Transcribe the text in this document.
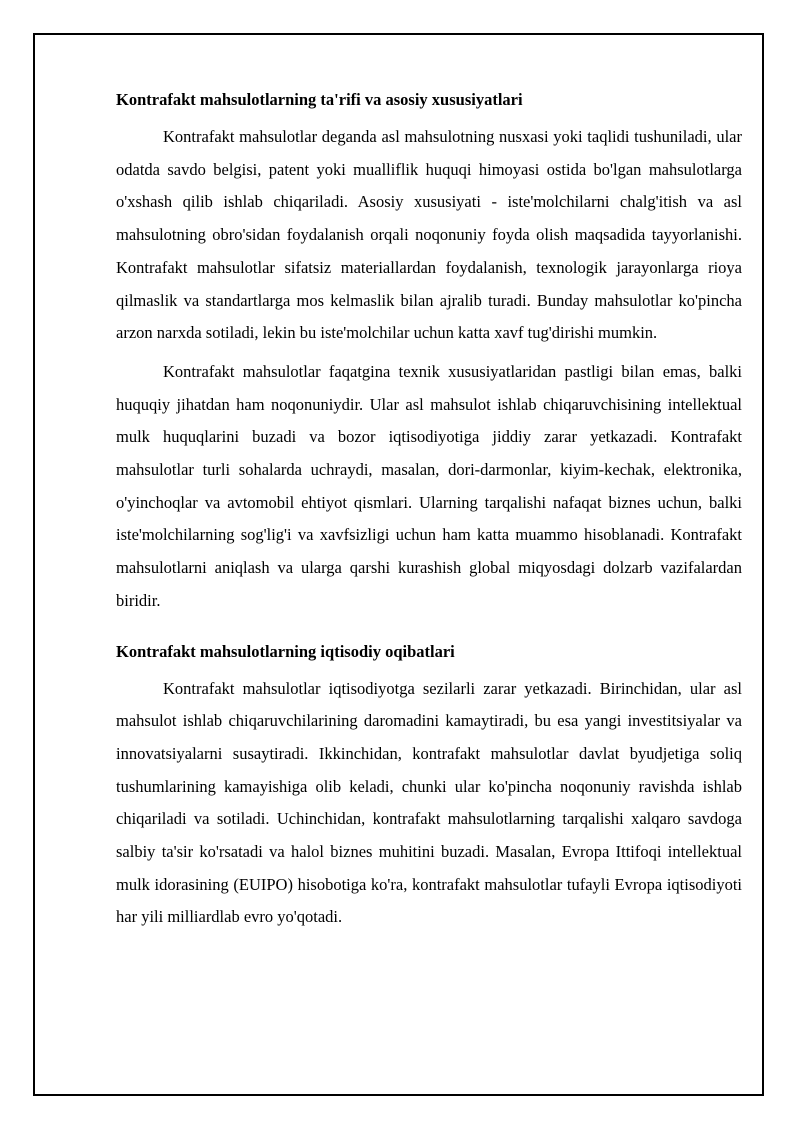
Kontrafakt mahsulotlarning ta'rifi va asosiy xususiyatlari

Kontrafakt mahsulotlar deganda asl mahsulotning nusxasi yoki taqlidi tushuniladi, ular odatda savdo belgisi, patent yoki mualliflik huquqi himoyasi ostida bo'lgan mahsulotlarga o'xshash qilib ishlab chiqariladi. Asosiy xususiyati - iste'molchilarni chalg'itish va asl mahsulotning obro'sidan foydalanish orqali noqonuniy foyda olish maqsadida tayyorlanishi. Kontrafakt mahsulotlar sifatsiz materiallardan foydalanish, texnologik jarayonlarga rioya qilmaslik va standartlarga mos kelmaslik bilan ajralib turadi. Bunday mahsulotlar ko'pincha arzon narxda sotiladi, lekin bu iste'molchilar uchun katta xavf tug'dirishi mumkin.

Kontrafakt mahsulotlar faqatgina texnik xususiyatlaridan pastligi bilan emas, balki huquqiy jihatdan ham noqonuniydir. Ular asl mahsulot ishlab chiqaruvchisining intellektual mulk huquqlarini buzadi va bozor iqtisodiyotiga jiddiy zarar yetkazadi. Kontrafakt mahsulotlar turli sohalarda uchraydi, masalan, dori-darmonlar, kiyim-kechak, elektronika, o'yinchoqlar va avtomobil ehtiyot qismlari. Ularning tarqalishi nafaqat biznes uchun, balki iste'molchilarning sog'lig'i va xavfsizligi uchun ham katta muammo hisoblanadi. Kontrafakt mahsulotlarni aniqlash va ularga qarshi kurashish global miqyosdagi dolzarb vazifalardan biridir.

Kontrafakt mahsulotlarning iqtisodiy oqibatlari

Kontrafakt mahsulotlar iqtisodiyotga sezilarli zarar yetkazadi. Birinchidan, ular asl mahsulot ishlab chiqaruvchilarining daromadini kamaytiradi, bu esa yangi investitsiyalar va innovatsiyalarni susaytiradi. Ikkinchidan, kontrafakt mahsulotlar davlat byudjetiga soliq tushumlarining kamayishiga olib keladi, chunki ular ko'pincha noqonuniy ravishda ishlab chiqariladi va sotiladi. Uchinchidan, kontrafakt mahsulotlarning tarqalishi xalqaro savdoga salbiy ta'sir ko'rsatadi va halol biznes muhitini buzadi. Masalan, Evropa Ittifoqi intellektual mulk idorasining (EUIPO) hisobotiga ko'ra, kontrafakt mahsulotlar tufayli Evropa iqtisodiyoti har yili milliardlab evro yo'qotadi.
